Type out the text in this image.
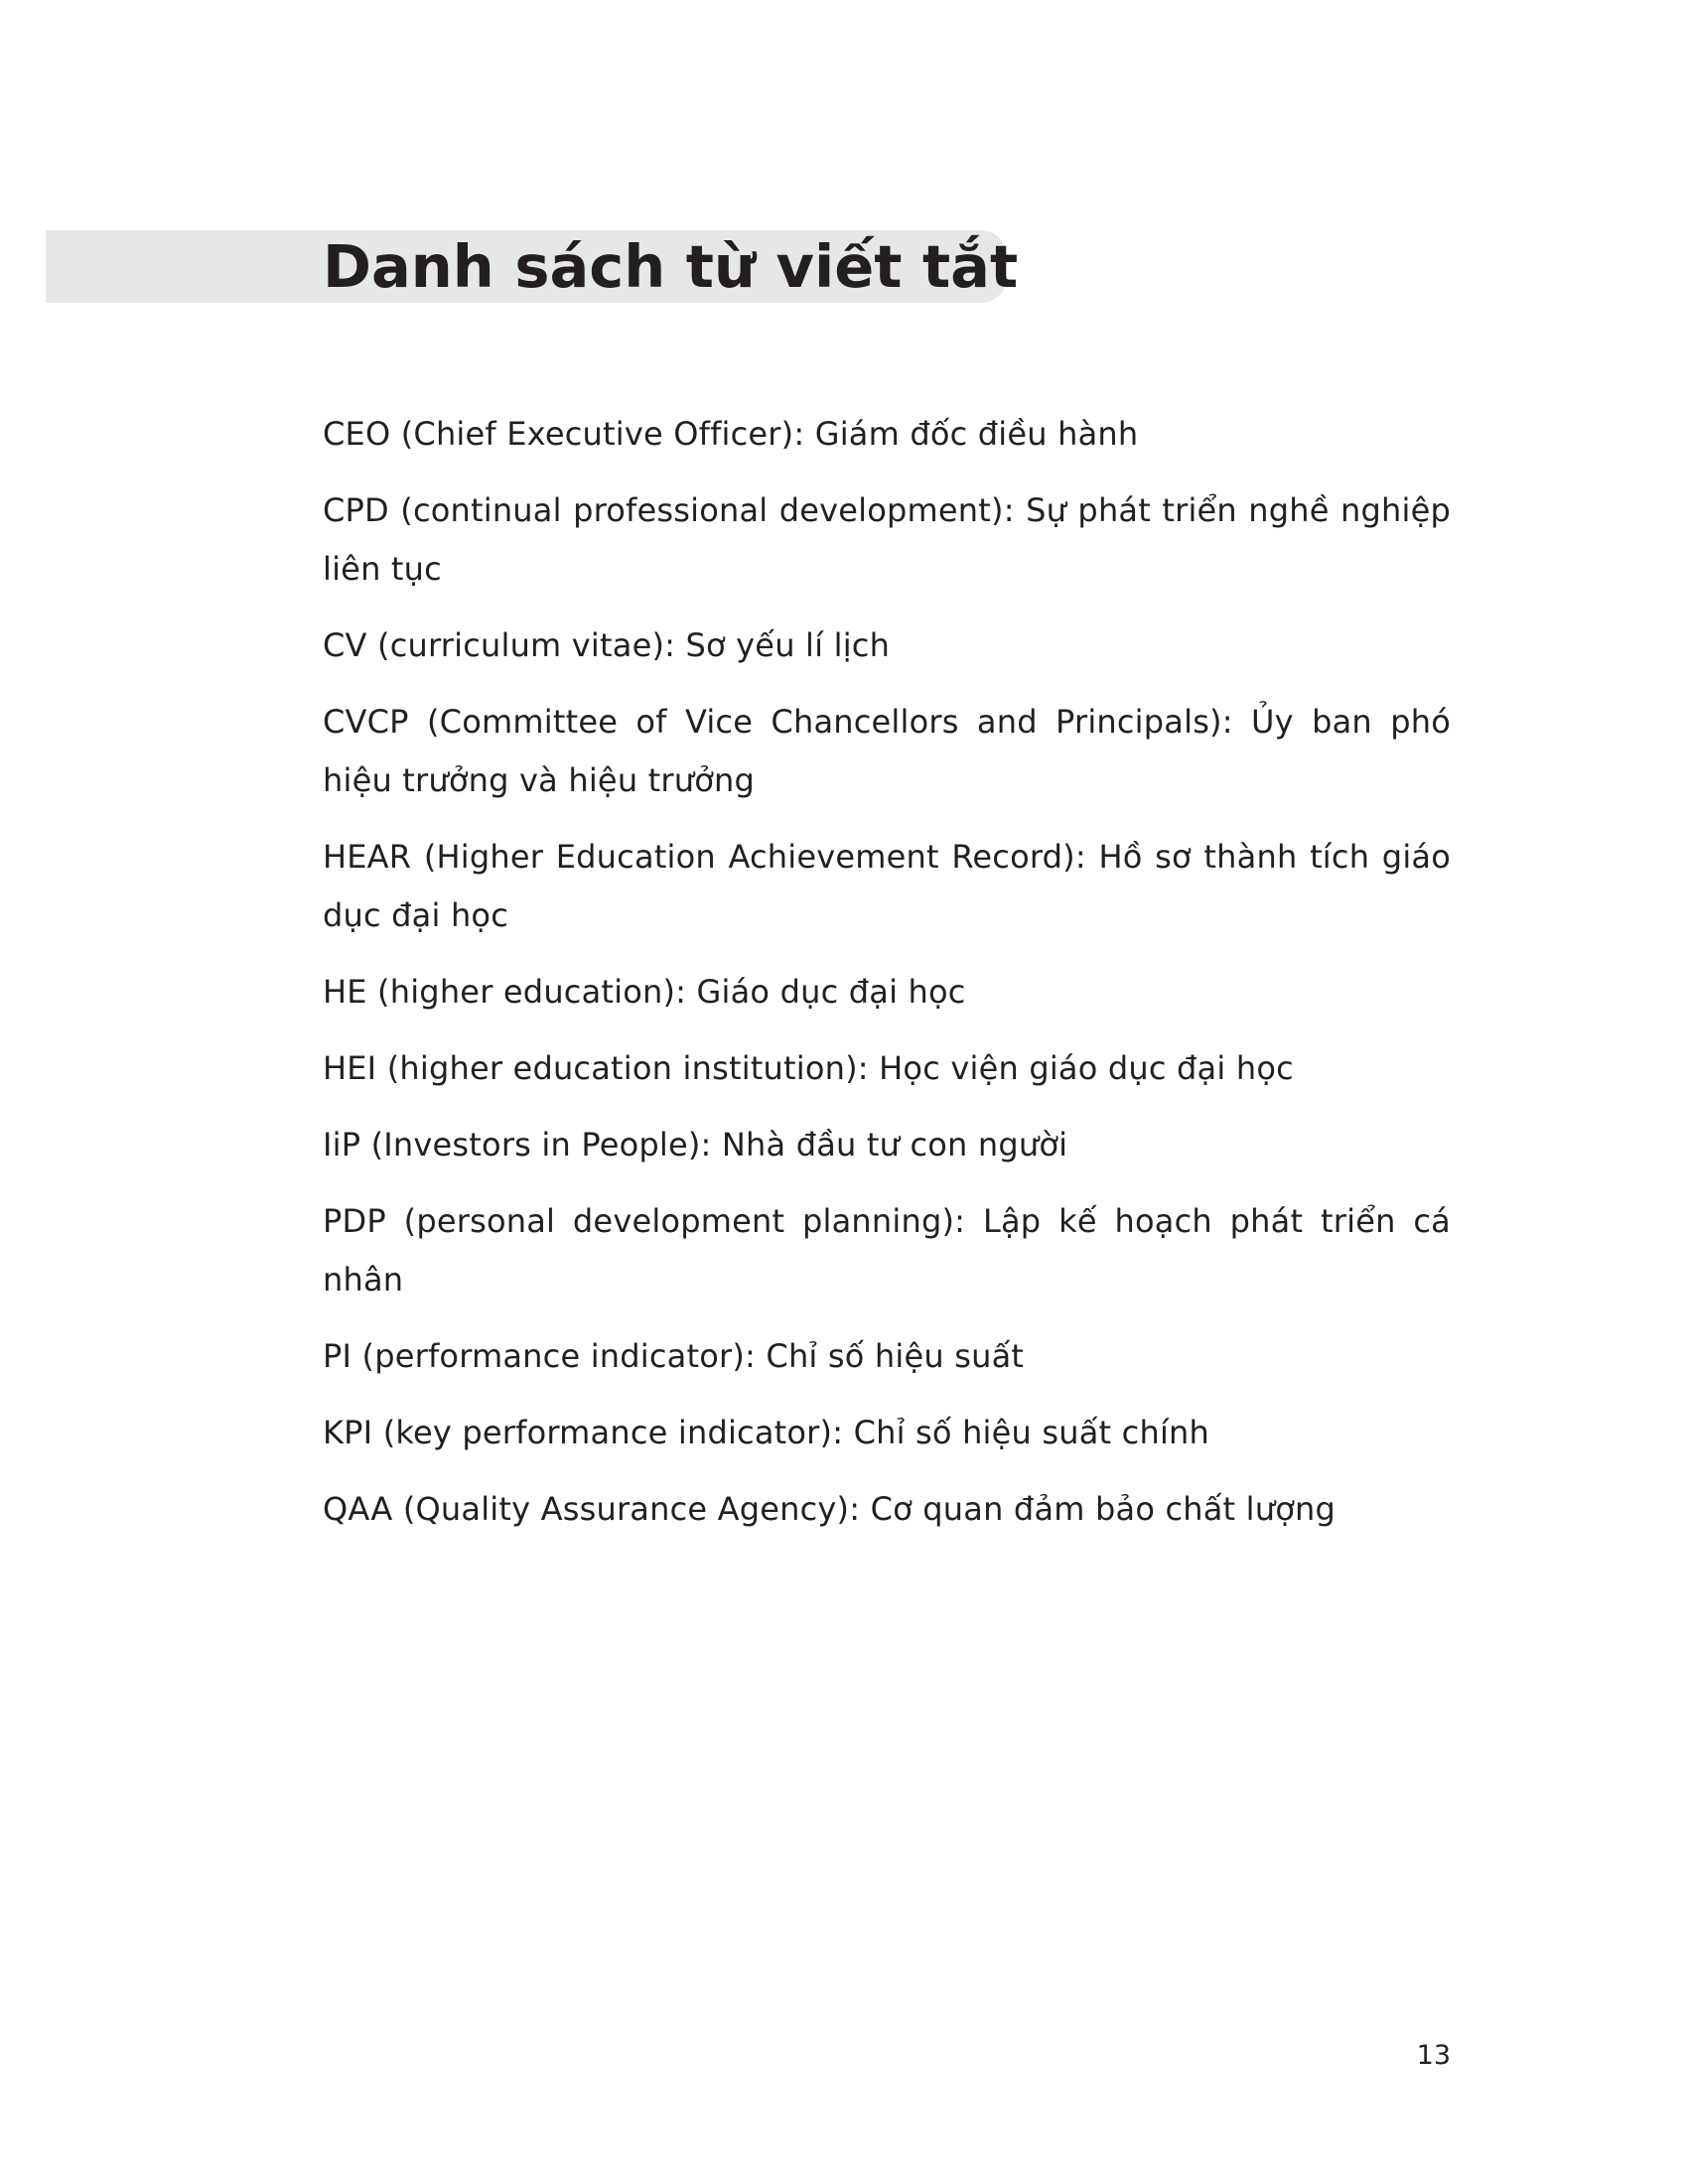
Danh sách từ viết tắt
CEO (Chief Executive Officer): Giám đốc điều hành
CPD (continual professional development): Sự phát triển nghề nghiệp liên tục
CV (curriculum vitae): Sơ yếu lí lịch
CVCP (Committee of Vice Chancellors and Principals): Ủy ban phó hiệu trưởng và hiệu trưởng
HEAR (Higher Education Achievement Record): Hồ sơ thành tích giáo dục đại học
HE (higher education): Giáo dục đại học
HEI (higher education institution): Học viện giáo dục đại học
IiP (Investors in People): Nhà đầu tư con người
PDP (personal development planning): Lập kế hoạch phát triển cá nhân
PI (performance indicator): Chỉ số hiệu suất
KPI (key performance indicator): Chỉ số hiệu suất chính
QAA (Quality Assurance Agency): Cơ quan đảm bảo chất lượng
13
